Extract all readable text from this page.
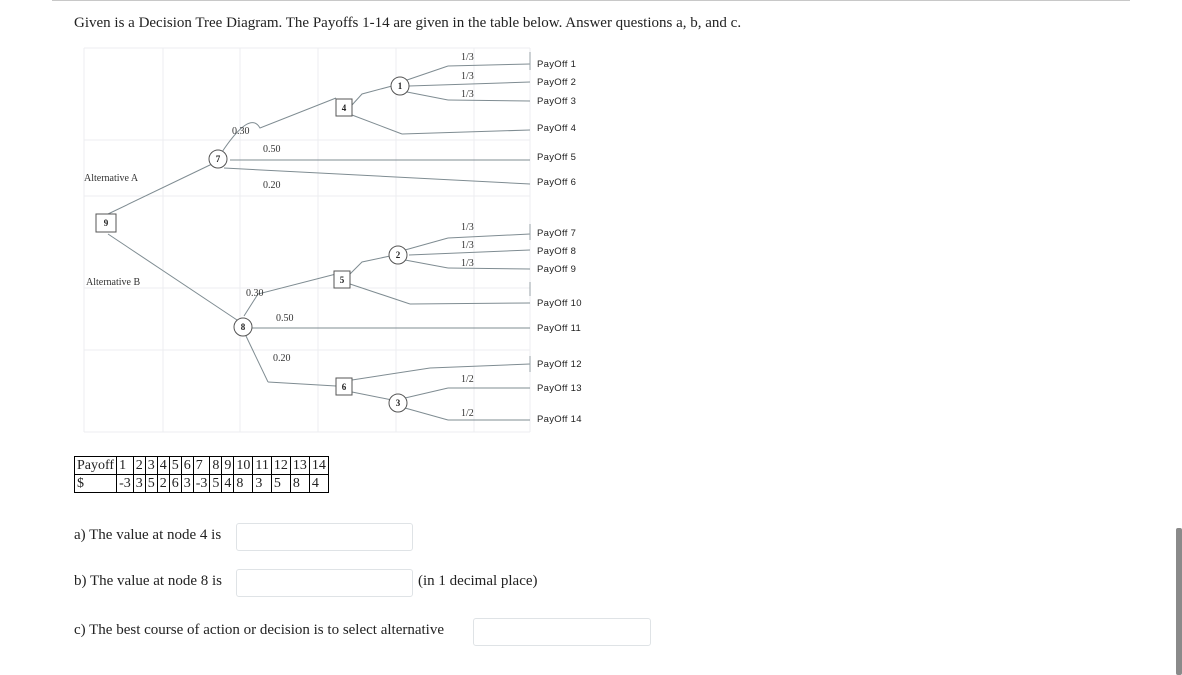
Given is a Decision Tree Diagram. The Payoffs 1-14 are given in the table below. Answer questions a, b, and c.
9
4
5
6
7
8
1
2
3
Alternative A
Alternative B
0.30
0.50
0.20
1/3
1/3
1/3
0.30
0.50
0.20
1/3
1/3
1/3
1/2
1/2
PayOff 1
PayOff 2
PayOff 3
PayOff 4
PayOff 5
PayOff 6
PayOff 7
PayOff 8
PayOff 9
PayOff 10
PayOff 11
PayOff 12
PayOff 13
PayOff 14
Payoff	1	2	3	4	5	6	7	8	9	10	11	12	13	14
$	-3	3	5	2	6	3	-3	5	4	8	3	5	8	4
a) The value at node 4 is
b) The value at node 8 is	(in 1 decimal place)
c) The best course of action or decision is to select alternative
